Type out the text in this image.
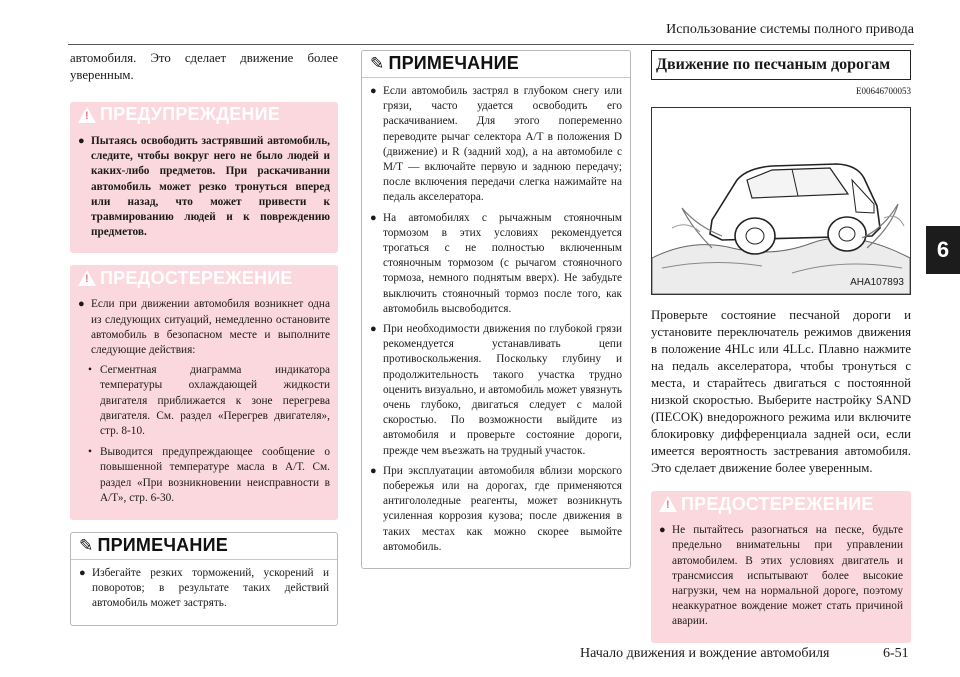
Использование системы полного привода
6

автомобиля. Это сделает движение более уверенным.

!
ПРЕДУПРЕЖДЕНИЕ
● Пытаясь освободить застрявший автомобиль, следите, чтобы вокруг него не было людей и каких-либо предметов. При раскачивании автомобиль может резко тронуться вперед или назад, что может привести к травмированию людей и к повреждению предметов.
!
ПРЕДОСТЕРЕЖЕНИЕ
● Если при движении автомобиля возникнет одна из следующих ситуаций, немедленно остановите автомобиль в безопасном месте и выполните следующие действия:
• Сегментная диаграмма индикатора температуры охлаждающей жидкости двигателя приближается к зоне перегрева двигателя. См. раздел «Перегрев двигателя», стр. 8-10.
• Выводится предупреждающее сообщение о повышенной температуре масла в А/Т. См. раздел «При возникновении неисправности в А/Т», стр. 6-30.
✎ ПРИМЕЧАНИЕ
● Избегайте резких торможений, ускорений и поворотов; в результате таких действий автомобиль может застрять.
✎ ПРИМЕЧАНИЕ
● Если автомобиль застрял в глубоком снегу или грязи, часто удается освободить его раскачиванием. Для этого попеременно переводите рычаг селектора А/Т в положения D (движение) и R (задний ход), а на автомобиле с М/Т — включайте первую и заднюю передачу; после включения передачи слегка нажимайте на педаль акселератора.
● На автомобилях с рычажным стояночным тормозом в этих условиях рекомендуется трогаться с не полностью включенным стояночным тормозом (с рычагом стояночного тормоза, немного поднятым вверх). Не забудьте выключить стояночный тормоз после того, как автомобиль высвободится.
● При необходимости движения по глубокой грязи рекомендуется устанавливать цепи противоскольжения. Поскольку глубину и продолжительность такого участка трудно оценить визуально, и автомобиль может увязнуть очень глубоко, двигаться следует с малой скоростью. По возможности выйдите из автомобиля и проверьте состояние дороги, прежде чем въезжать на трудный участок.
● При эксплуатации автомобиля вблизи морского побережья или на дорогах, где применяются антигололедные реагенты, может возникнуть усиленная коррозия кузова; после движения в таких местах как можно скорее вымойте автомобиль.
Движение по песчаным дорогам
E00646700053
AHA107893

Проверьте состояние песчаной дороги и установите переключатель режимов движения в положение 4HLc или 4LLc. Плавно нажмите на педаль акселератора, чтобы тронуться с места, и старайтесь двигаться с постоянной низкой скоростью. Выберите настройку SAND (ПЕСОК) внедорожного режима или включите блокировку дифференциала задней оси, если имеется вероятность застревания автомобиля. Это сделает движение более уверенным.

!
ПРЕДОСТЕРЕЖЕНИЕ
● Не пытайтесь разогнаться на песке, будьте предельно внимательны при управлении автомобилем. В этих условиях двигатель и трансмиссия испытывают более высокие нагрузки, чем на нормальной дороге, поэтому неаккуратное вождение может стать причиной аварии.
Начало движения и вождение автомобиля	6-51
